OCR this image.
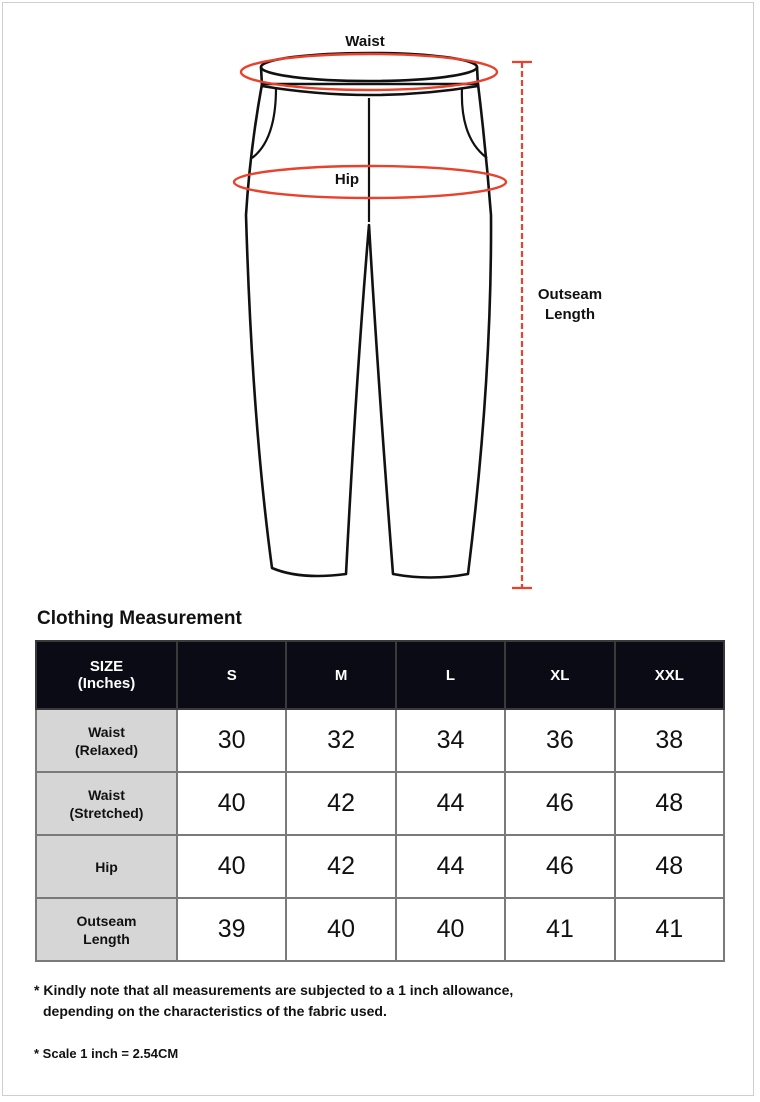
Waist
Hip
Outseam
Length
Clothing Measurement
SIZE
(Inches)	S	M	L	XL	XXL

Waist
(Relaxed)	30	32	34	36	38

Waist
(Stretched)	40	42	44	46	48

Hip	40	42	44	46	48

Outseam
Length	39	40	40	41	41
* Kindly note that all measurements are subjected to a 1 inch allowance,
depending on the characteristics of the fabric used.
* Scale 1 inch = 2.54CM
